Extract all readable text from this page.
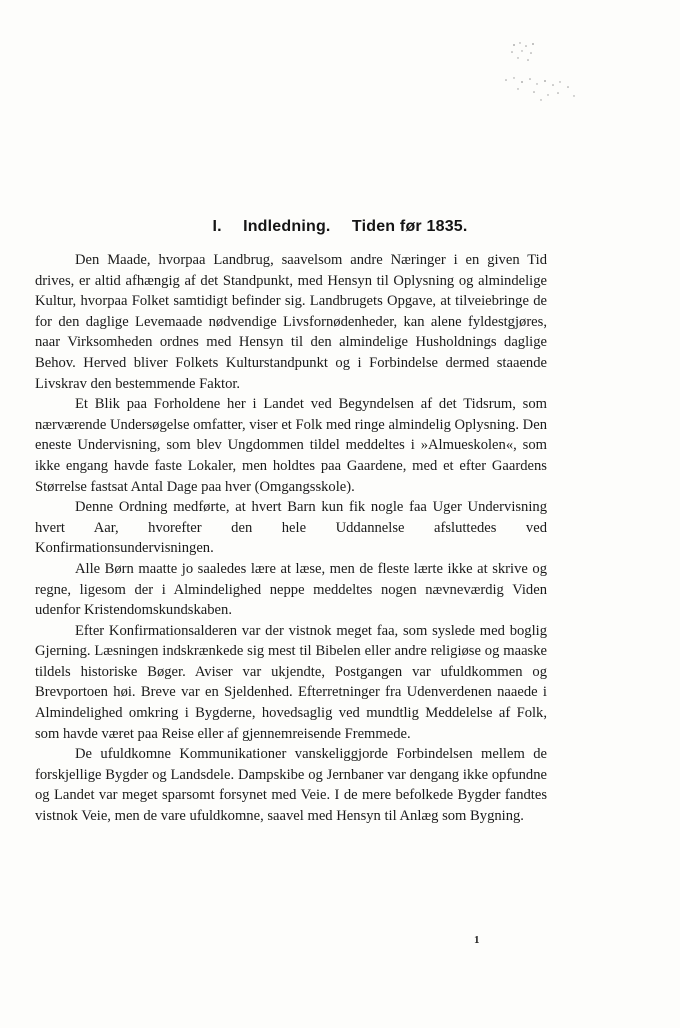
I. Indledning. Tiden før 1835.

Den Maade, hvorpaa Landbrug, saavelsom andre Næringer i en given Tid drives, er altid afhængig af det Standpunkt, med Hensyn til Oplysning og almindelige Kultur, hvorpaa Folket samtidigt befinder sig. Landbrugets Opgave, at tilveiebringe de for den daglige Levemaade nødvendige Livsfornødenheder, kan alene fyldestgjøres, naar Virksomheden ordnes med Hensyn til den almindelige Husholdnings daglige Behov. Herved bliver Folkets Kulturstandpunkt og i Forbindelse dermed staaende Livskrav den bestemmende Faktor.

Et Blik paa Forholdene her i Landet ved Begyndelsen af det Tidsrum, som nærværende Undersøgelse omfatter, viser et Folk med ringe almindelig Oplysning. Den eneste Undervisning, som blev Ungdommen tildel meddeltes i »Almueskolen«, som ikke engang havde faste Lokaler, men holdtes paa Gaardene, med et efter Gaardens Størrelse fastsat Antal Dage paa hver (Omgangsskole).

Denne Ordning medførte, at hvert Barn kun fik nogle faa Uger Undervisning hvert Aar, hvorefter den hele Uddannelse afsluttedes ved Konfirmationsundervisningen.

Alle Børn maatte jo saaledes lære at læse, men de fleste lærte ikke at skrive og regne, ligesom der i Almindelighed neppe meddeltes nogen nævneværdig Viden udenfor Kristendomskundskaben.

Efter Konfirmationsalderen var der vistnok meget faa, som syslede med boglig Gjerning. Læsningen indskrænkede sig mest til Bibelen eller andre religiøse og maaske tildels historiske Bøger. Aviser var ukjendte, Postgangen var ufuldkommen og Brevportoen høi. Breve var en Sjeldenhed. Efterretninger fra Udenverdenen naaede i Almindelighed omkring i Bygderne, hovedsaglig ved mundtlig Meddelelse af Folk, som havde været paa Reise eller af gjennemreisende Fremmede.

De ufuldkomne Kommunikationer vanskeliggjorde Forbindelsen mellem de forskjellige Bygder og Landsdele. Dampskibe og Jernbaner var dengang ikke opfundne og Landet var meget sparsomt forsynet med Veie. I de mere befolkede Bygder fandtes vistnok Veie, men de vare ufuldkomne, saavel med Hensyn til Anlæg som Bygning.

1
